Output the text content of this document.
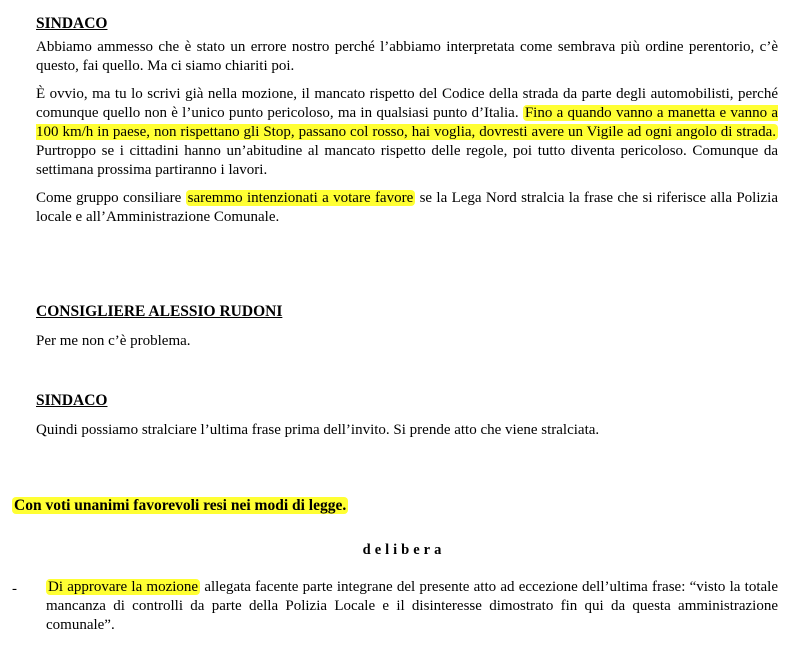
SINDACO

Abbiamo ammesso che è stato un errore nostro perché l’abbiamo interpretata come sembrava più ordine perentorio, c’è questo, fai quello. Ma ci siamo chiariti poi.

È ovvio, ma tu lo scrivi già nella mozione, il mancato rispetto del Codice della strada da parte degli automobilisti, perché comunque quello non è l’unico punto pericoloso, ma in qualsiasi punto d’Italia. Fino a quando vanno a manetta e vanno a 100 km/h in paese, non rispettano gli Stop, passano col rosso, hai voglia, dovresti avere un Vigile ad ogni angolo di strada. Purtroppo se i cittadini hanno un’abitudine al mancato rispetto delle regole, poi tutto diventa pericoloso. Comunque da settimana prossima partiranno i lavori.

Come gruppo consiliare saremmo intenzionati a votare favore se la Lega Nord stralcia la frase che si riferisce alla Polizia locale e all’Amministrazione Comunale.

CONSIGLIERE ALESSIO RUDONI

Per me non c’è problema.

SINDACO

Quindi possiamo stralciare l’ultima frase prima dell’invito. Si prende atto che viene stralciata.

Con voti unanimi favorevoli resi nei modi di legge.
delibera
- Di approvare la mozione allegata facente parte integrane del presente atto ad eccezione dell’ultima frase: “visto la totale mancanza di controlli da parte della Polizia Locale e il disinteresse dimostrato fin qui da questa amministrazione comunale”.
